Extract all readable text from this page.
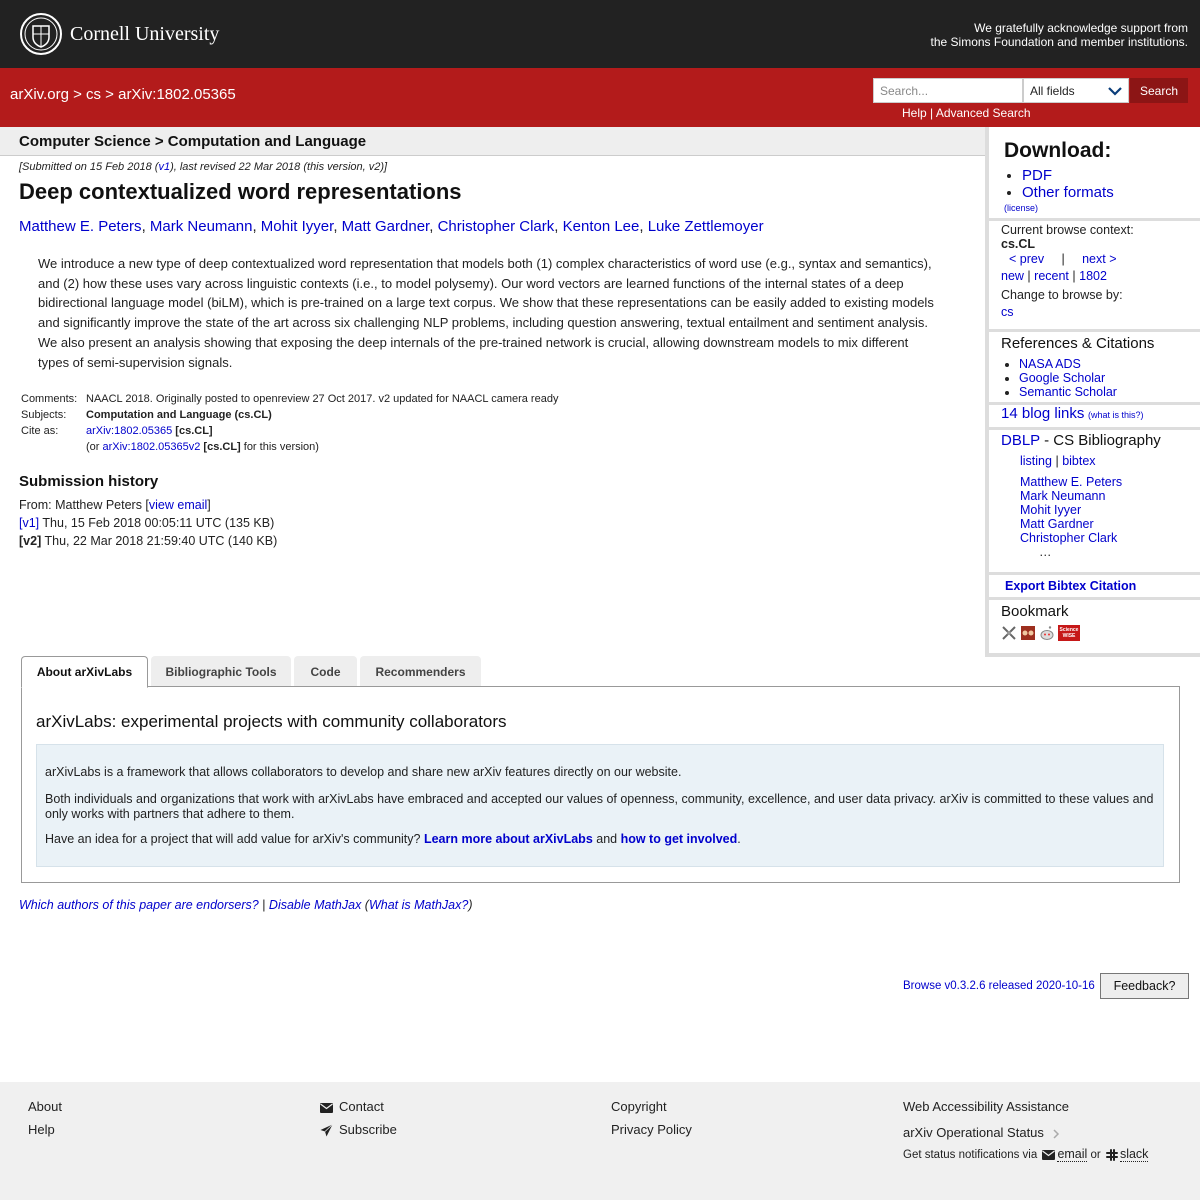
Cornell University	We gratefully acknowledge support from
the Simons Foundation and member institutions.
arXiv.org > cs > arXiv:1802.05365
Search...	All fields	Search
Help | Advanced Search
Computer Science > Computation and Language
[Submitted on 15 Feb 2018 (v1), last revised 22 Mar 2018 (this version, v2)]
Deep contextualized word representations
Matthew E. Peters, Mark Neumann, Mohit Iyyer, Matt Gardner, Christopher Clark, Kenton Lee, Luke Zettlemoyer
We introduce a new type of deep contextualized word representation that models both (1) complex characteristics of word use (e.g., syntax and semantics), and (2) how these uses vary across linguistic contexts (i.e., to model polysemy). Our word vectors are learned functions of the internal states of a deep bidirectional language model (biLM), which is pre-trained on a large text corpus. We show that these representations can be easily added to existing models and significantly improve the state of the art across six challenging NLP problems, including question answering, textual entailment and sentiment analysis. We also present an analysis showing that exposing the deep internals of the pre-trained network is crucial, allowing downstream models to mix different types of semi-supervision signals.
Comments:	NAACL 2018. Originally posted to openreview 27 Oct 2017. v2 updated for NAACL camera ready
Subjects:	Computation and Language (cs.CL)
Cite as:	arXiv:1802.05365 [cs.CL]
	(or arXiv:1802.05365v2 [cs.CL] for this version)
Submission history
From: Matthew Peters [view email]
[v1] Thu, 15 Feb 2018 00:05:11 UTC (135 KB)
[v2] Thu, 22 Mar 2018 21:59:40 UTC (140 KB)
Download:
• PDF
• Other formats
(license)
Current browse context:
cs.CL
< prev | next >
new | recent | 1802
Change to browse by:
cs
References & Citations
• NASA ADS
• Google Scholar
• Semantic Scholar
14 blog links (what is this?)
DBLP - CS Bibliography
listing | bibtex
Matthew E. Peters
Mark Neumann
Mohit Iyyer
Matt Gardner
Christopher Clark
…
Export Bibtex Citation
Bookmark
Science WISE
About arXivLabs	Bibliographic Tools	Code	Recommenders
arXivLabs: experimental projects with community collaborators

arXivLabs is a framework that allows collaborators to develop and share new arXiv features directly on our website.

Both individuals and organizations that work with arXivLabs have embraced and accepted our values of openness, community, excellence, and user data privacy. arXiv is committed to these values and only works with partners that adhere to them.

Have an idea for a project that will add value for arXiv's community? Learn more about arXivLabs and how to get involved.

Which authors of this paper are endorsers? | Disable MathJax (What is MathJax?)
Browse v0.3.2.6 released 2020-10-16	Feedback?
About
Help
Contact
Subscribe
Copyright
Privacy Policy
Web Accessibility Assistance
arXiv Operational Status
Get status notifications via email or slack
